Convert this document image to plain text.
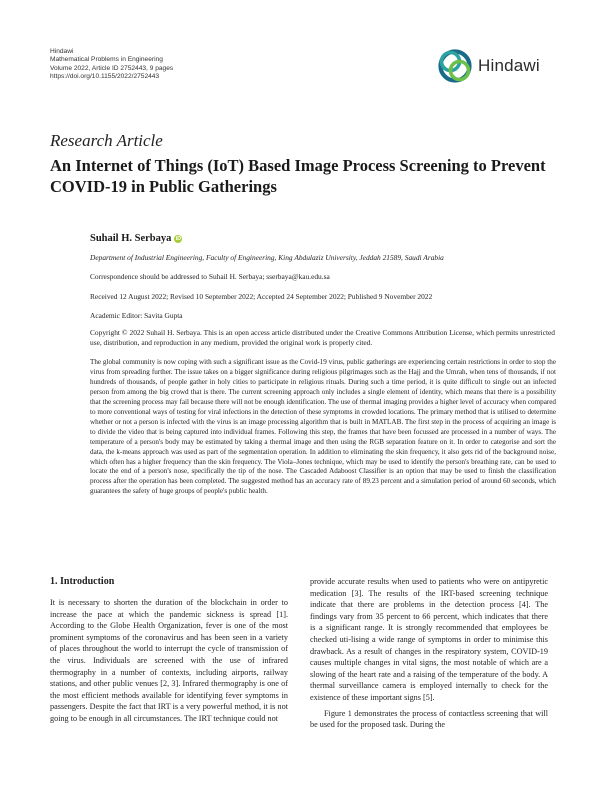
Hindawi
Mathematical Problems in Engineering
Volume 2022, Article ID 2752443, 9 pages
https://doi.org/10.1155/2022/2752443
Hindawi
Research Article
An Internet of Things (IoT) Based Image Process Screening to Prevent COVID-19 in Public Gatherings
Suhail H. Serbaya iD
Department of Industrial Engineering, Faculty of Engineering, King Abdulaziz University, Jeddah 21589, Saudi Arabia
Correspondence should be addressed to Suhail H. Serbaya; sserbaya@kau.edu.sa
Received 12 August 2022; Revised 10 September 2022; Accepted 24 September 2022; Published 9 November 2022
Academic Editor: Savita Gupta
Copyright © 2022 Suhail H. Serbaya. This is an open access article distributed under the Creative Commons Attribution License, which permits unrestricted use, distribution, and reproduction in any medium, provided the original work is properly cited.
The global community is now coping with such a significant issue as the Covid-19 virus, public gatherings are experiencing certain restrictions in order to stop the virus from spreading further. The issue takes on a bigger significance during religious pilgrimages such as the Hajj and the Umrah, when tens of thousands, if not hundreds of thousands, of people gather in holy cities to participate in religious rituals. During such a time period, it is quite difficult to single out an infected person from among the big crowd that is there. The current screening approach only includes a single element of identity, which means that there is a possibility that the screening process may fail because there will not be enough identification. The use of thermal imaging provides a higher level of accuracy when compared to more conventional ways of testing for viral infections in the detection of these symptoms in crowded locations. The primary method that is utilised to determine whether or not a person is infected with the virus is an image processing algorithm that is built in MATLAB. The first step in the process of acquiring an image is to divide the video that is being captured into individual frames. Following this step, the frames that have been focussed are processed in a number of ways. The temperature of a person's body may be estimated by taking a thermal image and then using the RGB separation feature on it. In order to categorise and sort the data, the k-means approach was used as part of the segmentation operation. In addition to eliminating the skin frequency, it also gets rid of the background noise, which often has a higher frequency than the skin frequency. The Viola–Jones technique, which may be used to identify the person's breathing rate, can be used to locate the end of a person's nose, specifically the tip of the nose. The Cascaded Adaboost Classifier is an option that may be used to finish the classification process after the operation has been completed. The suggested method has an accuracy rate of 89.23 percent and a simulation period of around 60 seconds, which guarantees the safety of huge groups of people's public health.
1. Introduction

It is necessary to shorten the duration of the blockchain in order to increase the pace at which the pandemic sickness is spread [1]. According to the Globe Health Organization, fever is one of the most prominent symptoms of the coronavirus and has been seen in a variety of places throughout the world to interrupt the cycle of transmission of the virus. Individuals are screened with the use of infrared thermography in a number of contexts, including airports, railway stations, and other public venues [2, 3]. Infrared thermography is one of the most efficient methods available for identifying fever symptoms in passengers. Despite the fact that IRT is a very powerful method, it is not going to be enough in all circumstances. The IRT technique could not

provide accurate results when used to patients who were on antipyretic medication [3]. The results of the IRT-based screening technique indicate that there are problems in the detection process [4]. The findings vary from 35 percent to 66 percent, which indicates that there is a significant range. It is strongly recommended that employees be checked uti-lising a wide range of symptoms in order to minimise this drawback. As a result of changes in the respiratory system, COVID-19 causes multiple changes in vital signs, the most notable of which are a slowing of the heart rate and a raising of the temperature of the body. A thermal surveillance camera is employed internally to check for the existence of these important signs [5].

Figure 1 demonstrates the process of contactless screening that will be used for the proposed task. During the
